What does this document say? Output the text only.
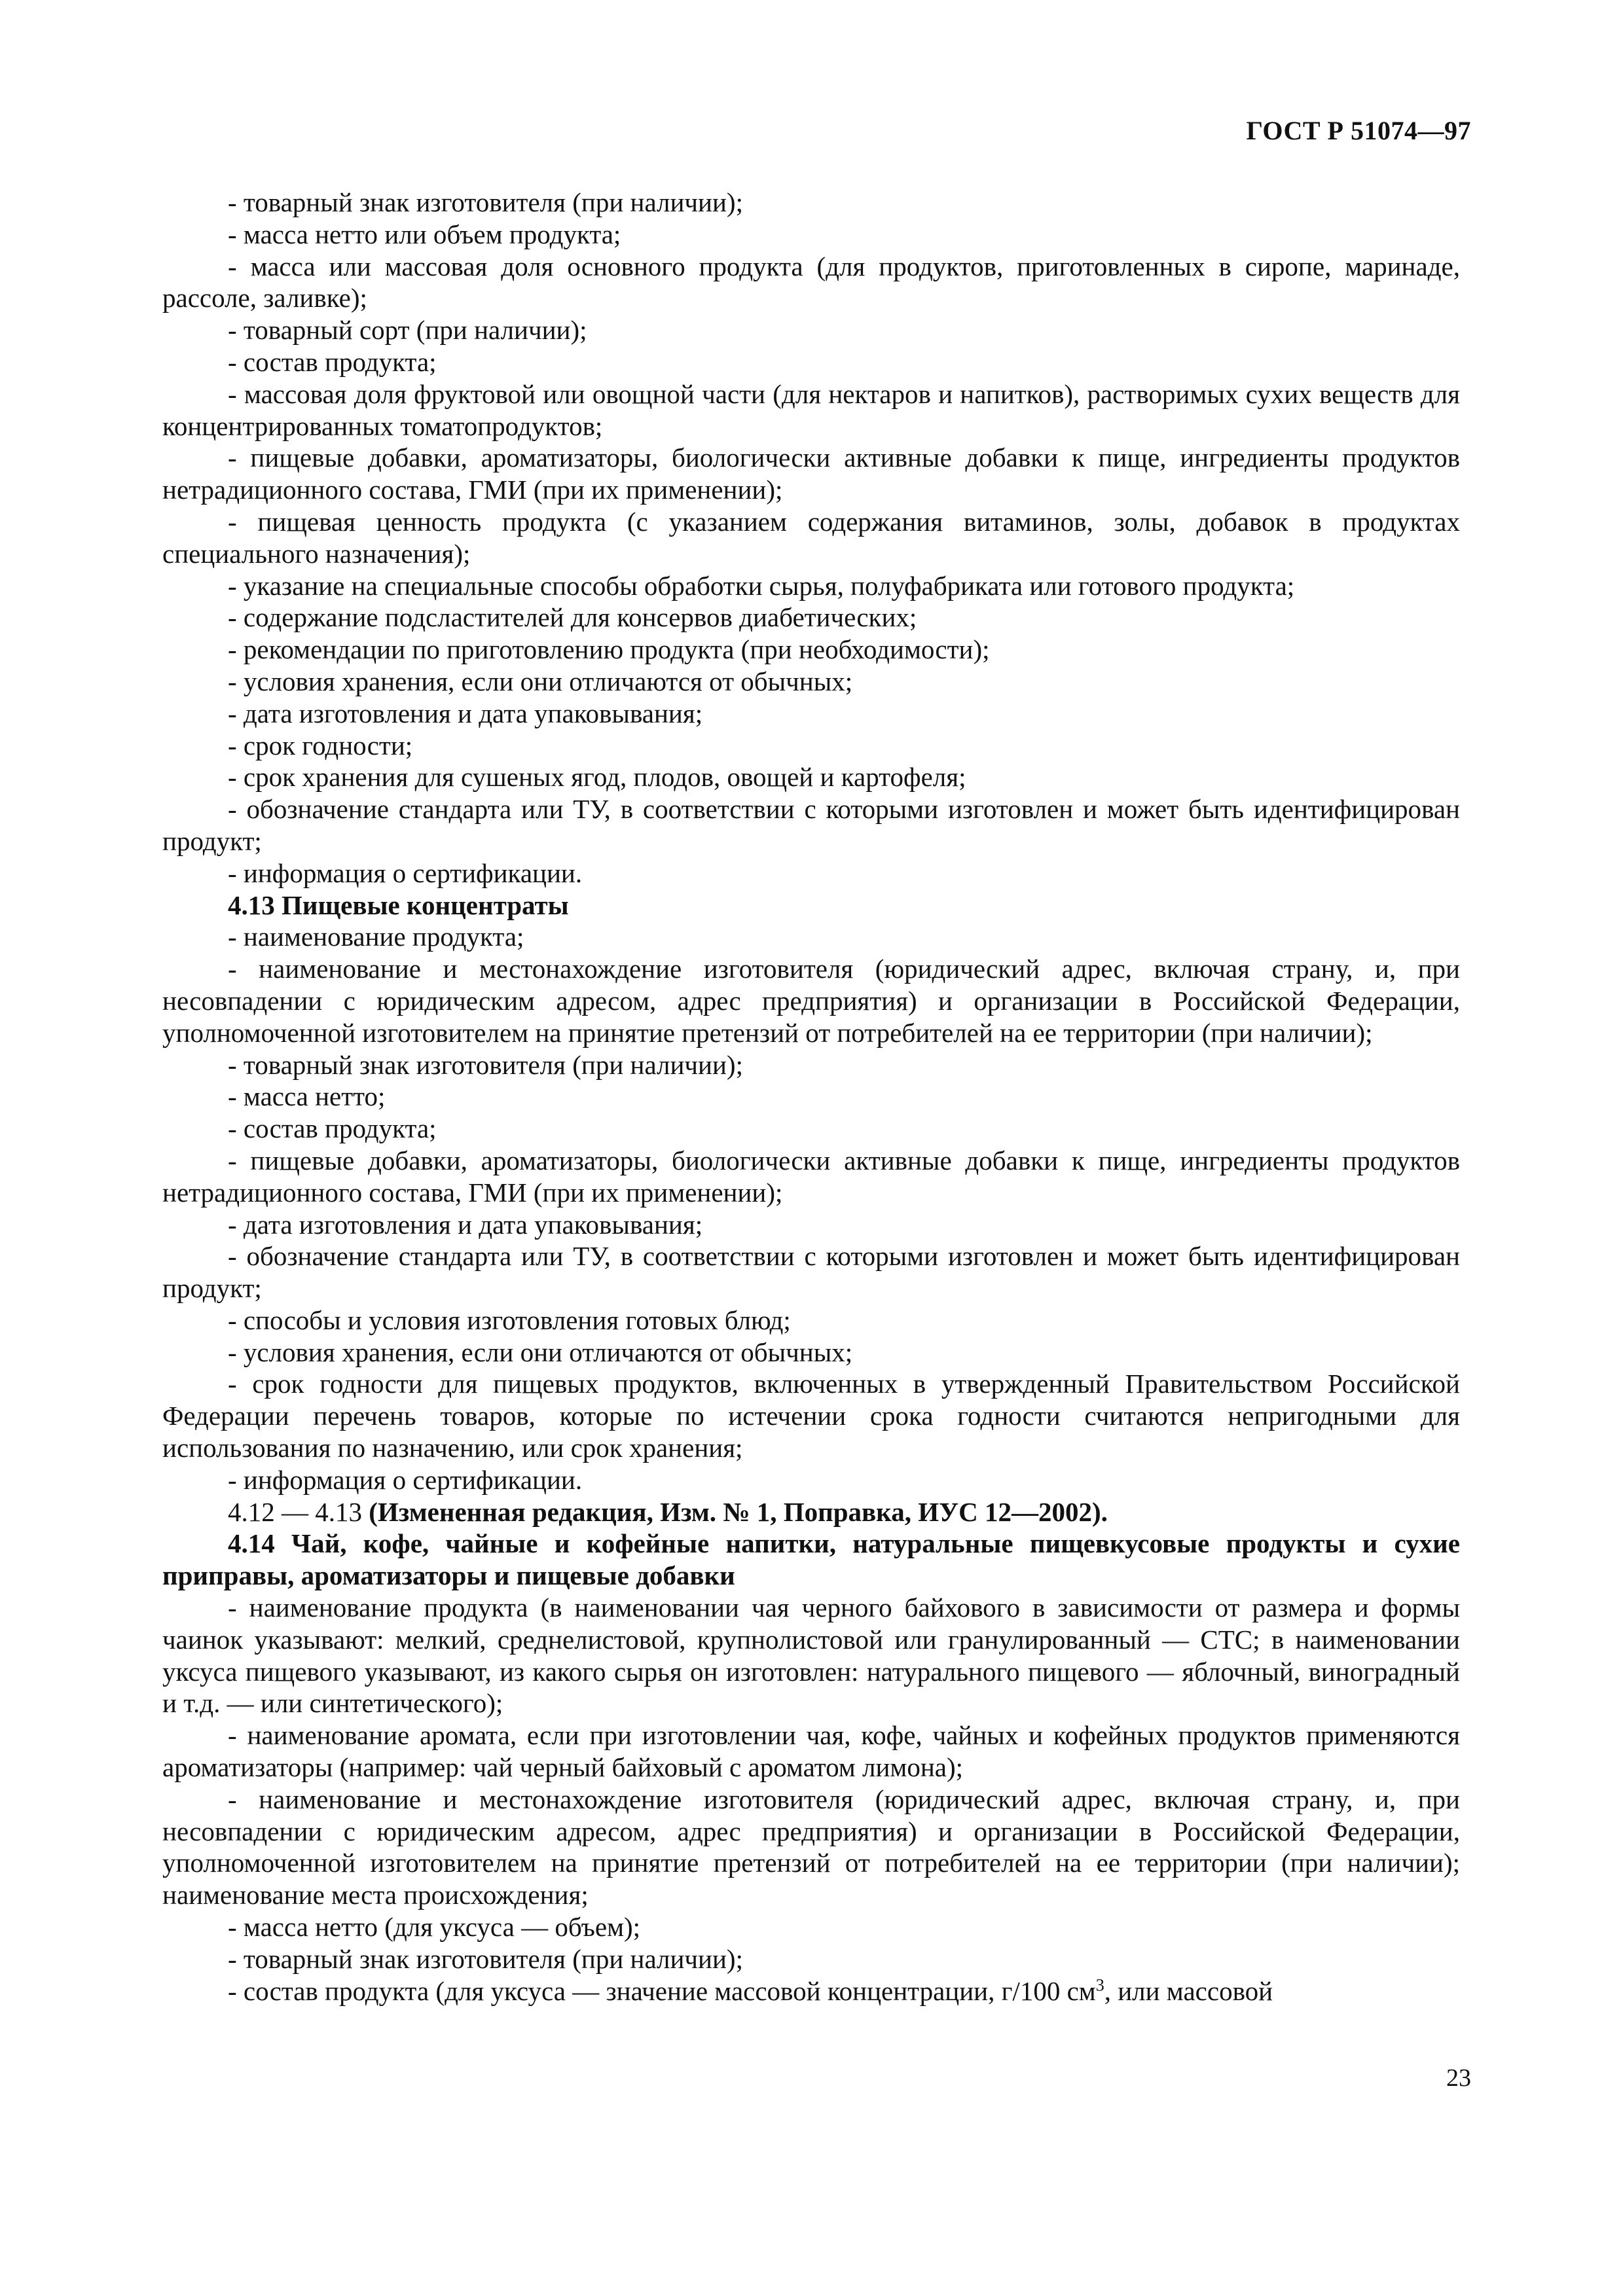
ГОСТ Р 51074—97

- товарный знак изготовителя (при наличии);

- масса нетто или объем продукта;

- масса или массовая доля основного продукта (для продуктов, приготовленных в сиропе, маринаде, рассоле, заливке);

- товарный сорт (при наличии);

- состав продукта;

- массовая доля фруктовой или овощной части (для нектаров и напитков), растворимых сухих веществ для концентрированных томатопродуктов;

- пищевые добавки, ароматизаторы, биологически активные добавки к пище, ингредиенты продуктов нетрадиционного состава, ГМИ (при их применении);

- пищевая ценность продукта (с указанием содержания витаминов, золы, добавок в продуктах специального назначения);

- указание на специальные способы обработки сырья, полуфабриката или готового продукта;

- содержание подсластителей для консервов диабетических;

- рекомендации по приготовлению продукта (при необходимости);

- условия хранения, если они отличаются от обычных;

- дата изготовления и дата упаковывания;

- срок годности;

- срок хранения для сушеных ягод, плодов, овощей и картофеля;

- обозначение стандарта или ТУ, в соответствии с которыми изготовлен и может быть идентифицирован продукт;

- информация о сертификации.

4.13 Пищевые концентраты

- наименование продукта;

- наименование и местонахождение изготовителя (юридический адрес, включая страну, и, при несовпадении с юридическим адресом, адрес предприятия) и организации в Российской Федерации, уполномоченной изготовителем на принятие претензий от потребителей на ее территории (при наличии);

- товарный знак изготовителя (при наличии);

- масса нетто;

- состав продукта;

- пищевые добавки, ароматизаторы, биологически активные добавки к пище, ингредиенты продуктов нетрадиционного состава, ГМИ (при их применении);

- дата изготовления и дата упаковывания;

- обозначение стандарта или ТУ, в соответствии с которыми изготовлен и может быть идентифицирован продукт;

- способы и условия изготовления готовых блюд;

- условия хранения, если они отличаются от обычных;

- срок годности для пищевых продуктов, включенных в утвержденный Правительством Российской Федерации перечень товаров, которые по истечении срока годности считаются непригодными для использования по назначению, или срок хранения;

- информация о сертификации.

4.12 — 4.13 (Измененная редакция, Изм. № 1, Поправка, ИУС 12—2002).

4.14 Чай, кофе, чайные и кофейные напитки, натуральные пищевкусовые продукты и сухие приправы, ароматизаторы и пищевые добавки

- наименование продукта (в наименовании чая черного байхового в зависимости от размера и формы чаинок указывают: мелкий, среднелистовой, крупнолистовой или гранулированный — СТС; в наименовании уксуса пищевого указывают, из какого сырья он изготовлен: натурального пищевого — яблочный, виноградный и т.д. — или синтетического);

- наименование аромата, если при изготовлении чая, кофе, чайных и кофейных продуктов применяются ароматизаторы (например: чай черный байховый с ароматом лимона);

- наименование и местонахождение изготовителя (юридический адрес, включая страну, и, при несовпадении с юридическим адресом, адрес предприятия) и организации в Российской Федерации, уполномоченной изготовителем на принятие претензий от потребителей на ее территории (при наличии); наименование места происхождения;

- масса нетто (для уксуса — объем);

- товарный знак изготовителя (при наличии);

- состав продукта (для уксуса — значение массовой концентрации, г/100 $см^3$, или массовой

23
